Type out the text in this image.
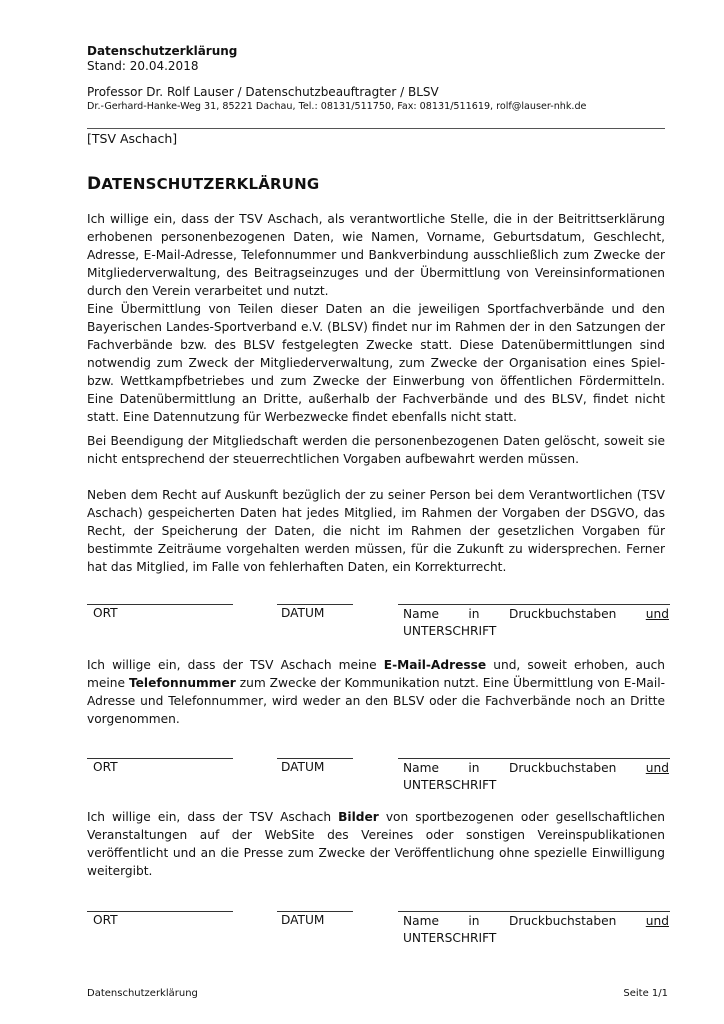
Datenschutzerklärung
Stand: 20.04.2018
Professor Dr. Rolf Lauser / Datenschutzbeauftragter / BLSV
Dr.-Gerhard-Hanke-Weg 31, 85221 Dachau, Tel.: 08131/511750, Fax: 08131/511619, rolf@lauser-nhk.de
[TSV Aschach]
DATENSCHUTZERKLÄRUNG

Ich willige ein, dass der TSV Aschach, als verantwortliche Stelle, die in der Beitrittserklärung erhobenen personenbezogenen Daten, wie Namen, Vorname, Geburtsdatum, Geschlecht, Adresse, E-Mail-Adresse, Telefonnummer und Bankverbindung ausschließlich zum Zwecke der Mitgliederverwaltung, des Beitragseinzuges und der Übermittlung von Vereinsinformationen durch den Verein verarbeitet und nutzt.

Eine Übermittlung von Teilen dieser Daten an die jeweiligen Sportfachverbände und den Bayerischen Landes-Sportverband e.V. (BLSV) findet nur im Rahmen der in den Satzungen der Fachverbände bzw. des BLSV festgelegten Zwecke statt. Diese Datenübermittlungen sind notwendig zum Zweck der Mitgliederverwaltung, zum Zwecke der Organisation eines Spiel- bzw. Wettkampfbetriebes und zum Zwecke der Einwerbung von öffentlichen Fördermitteln. Eine Datenübermittlung an Dritte, außerhalb der Fachverbände und des BLSV, findet nicht statt. Eine Datennutzung für Werbezwecke findet ebenfalls nicht statt.

Bei Beendigung der Mitgliedschaft werden die personenbezogenen Daten gelöscht, soweit sie nicht entsprechend der steuerrechtlichen Vorgaben aufbewahrt werden müssen.

Neben dem Recht auf Auskunft bezüglich der zu seiner Person bei dem Verantwortlichen (TSV Aschach) gespeicherten Daten hat jedes Mitglied, im Rahmen der Vorgaben der DSGVO, das Recht, der Speicherung der Daten, die nicht im Rahmen der gesetzlichen Vorgaben für bestimmte Zeiträume vorgehalten werden müssen, für die Zukunft zu widersprechen. Ferner hat das Mitglied, im Falle von fehlerhaften Daten, ein Korrekturrecht.

ORT	DATUM	Name in Druckbuchstaben und
UNTERSCHRIFT

Ich willige ein, dass der TSV Aschach meine E-Mail-Adresse und, soweit erhoben, auch meine Telefonnummer zum Zwecke der Kommunikation nutzt. Eine Übermittlung von E-Mail-Adresse und Telefonnummer, wird weder an den BLSV oder die Fachverbände noch an Dritte vorgenommen.

ORT	DATUM	Name in Druckbuchstaben und
UNTERSCHRIFT

Ich willige ein, dass der TSV Aschach Bilder von sportbezogenen oder gesellschaftlichen Veranstaltungen auf der WebSite des Vereines oder sonstigen Vereinspublikationen veröffentlicht und an die Presse zum Zwecke der Veröffentlichung ohne spezielle Einwilligung weitergibt.

ORT	DATUM	Name in Druckbuchstaben und
UNTERSCHRIFT
Datenschutzerklärung	Seite 1/1
